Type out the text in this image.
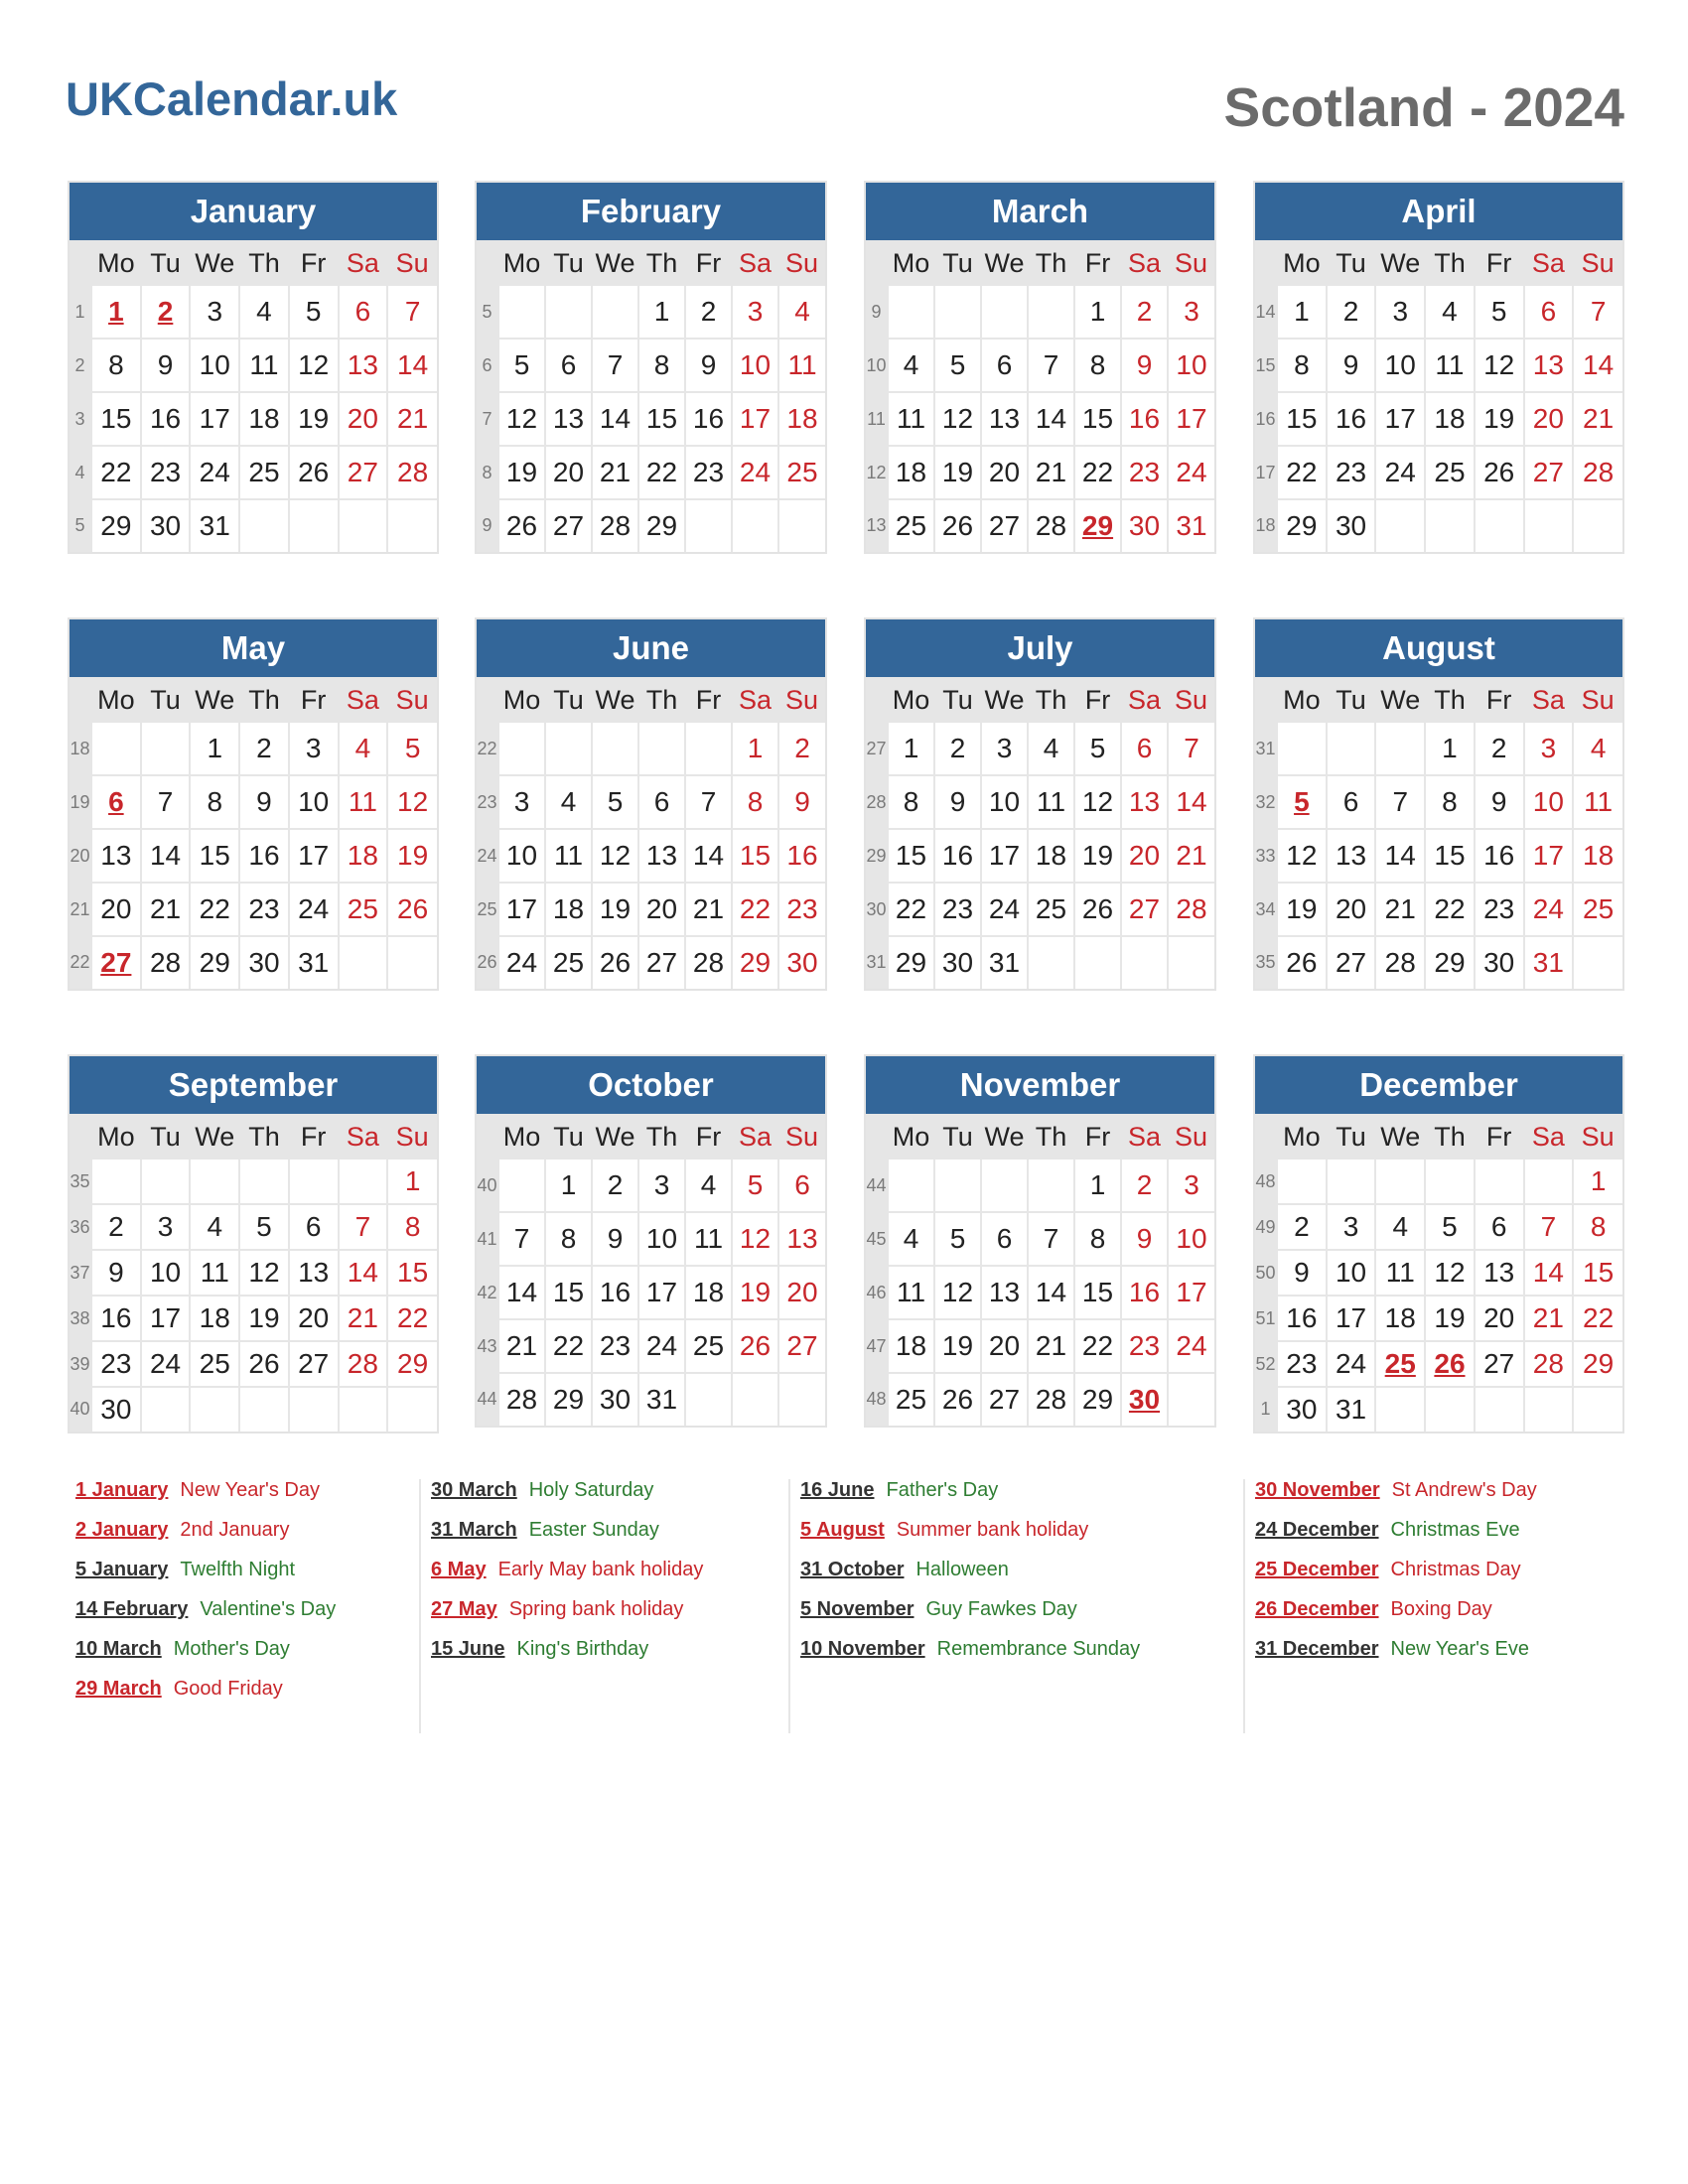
UKCalendar.uk	Scotland - 2024
January
	Mo	Tu	We	Th	Fr	Sa	Su
1	1	2	3	4	5	6	7
2	8	9	10	11	12	13	14
3	15	16	17	18	19	20	21
4	22	23	24	25	26	27	28
5	29	30	31				
February
	Mo	Tu	We	Th	Fr	Sa	Su
5				1	2	3	4
6	5	6	7	8	9	10	11
7	12	13	14	15	16	17	18
8	19	20	21	22	23	24	25
9	26	27	28	29			
March
	Mo	Tu	We	Th	Fr	Sa	Su
9					1	2	3
10	4	5	6	7	8	9	10
11	11	12	13	14	15	16	17
12	18	19	20	21	22	23	24
13	25	26	27	28	29	30	31
April
	Mo	Tu	We	Th	Fr	Sa	Su
14	1	2	3	4	5	6	7
15	8	9	10	11	12	13	14
16	15	16	17	18	19	20	21
17	22	23	24	25	26	27	28
18	29	30					
May
	Mo	Tu	We	Th	Fr	Sa	Su
18			1	2	3	4	5
19	6	7	8	9	10	11	12
20	13	14	15	16	17	18	19
21	20	21	22	23	24	25	26
22	27	28	29	30	31		
June
	Mo	Tu	We	Th	Fr	Sa	Su
22						1	2
23	3	4	5	6	7	8	9
24	10	11	12	13	14	15	16
25	17	18	19	20	21	22	23
26	24	25	26	27	28	29	30
July
	Mo	Tu	We	Th	Fr	Sa	Su
27	1	2	3	4	5	6	7
28	8	9	10	11	12	13	14
29	15	16	17	18	19	20	21
30	22	23	24	25	26	27	28
31	29	30	31				
August
	Mo	Tu	We	Th	Fr	Sa	Su
31				1	2	3	4
32	5	6	7	8	9	10	11
33	12	13	14	15	16	17	18
34	19	20	21	22	23	24	25
35	26	27	28	29	30	31	
September
	Mo	Tu	We	Th	Fr	Sa	Su
35							1
36	2	3	4	5	6	7	8
37	9	10	11	12	13	14	15
38	16	17	18	19	20	21	22
39	23	24	25	26	27	28	29
40	30						
October
	Mo	Tu	We	Th	Fr	Sa	Su
40		1	2	3	4	5	6
41	7	8	9	10	11	12	13
42	14	15	16	17	18	19	20
43	21	22	23	24	25	26	27
44	28	29	30	31			
November
	Mo	Tu	We	Th	Fr	Sa	Su
44					1	2	3
45	4	5	6	7	8	9	10
46	11	12	13	14	15	16	17
47	18	19	20	21	22	23	24
48	25	26	27	28	29	30	
December
	Mo	Tu	We	Th	Fr	Sa	Su
48							1
49	2	3	4	5	6	7	8
50	9	10	11	12	13	14	15
51	16	17	18	19	20	21	22
52	23	24	25	26	27	28	29
1	30	31					
1 January New Year's Day
2 January 2nd January
5 January Twelfth Night
14 February Valentine's Day
10 March Mother's Day
29 March Good Friday
30 March Holy Saturday
31 March Easter Sunday
6 May Early May bank holiday
27 May Spring bank holiday
15 June King's Birthday
16 June Father's Day
5 August Summer bank holiday
31 October Halloween
5 November Guy Fawkes Day
10 November Remembrance Sunday
30 November St Andrew's Day
24 December Christmas Eve
25 December Christmas Day
26 December Boxing Day
31 December New Year's Eve
